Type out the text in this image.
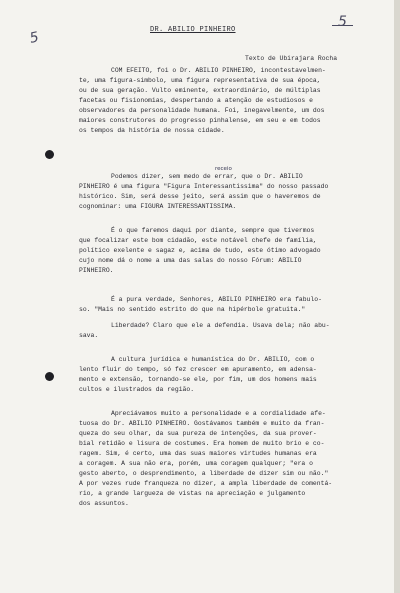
5
5
DR. ABILIO PINHEIRO
Texto de Ubirajara Rocha
receio
COM EFEITO, foi o Dr. ABILIO PINHEIRO, incontestavelmen-
te, uma figura-simbolo, uma figura representativa de sua época,
ou de sua geração. Vulto eminente, extraordinário, de múltiplas
facetas ou fisionomias, despertando a atenção de estudiosos e
observadores da personalidade humana. Foi, inegavelmente, um dos
maiores construtores do progresso pinhalense, em seu e em todos
os tempos da história de nossa cidade.
Podemos dizer, sem medo de errar, que o Dr. ABILIO
PINHEIRO é uma figura "Figura Interessantissima" do nosso passado
histórico. Sim, será desse jeito, será assim que o haveremos de
cognominar: uma FIGURA INTERESSANTISSIMA.
É o que faremos daqui por diante, sempre que tivermos
que focalizar este bom cidadão, este notável chefe de família,
político exelente e sagaz e, acima de tudo, este ótimo advogado
cujo nome dá o nome a uma das salas do nosso Fórum: ABILIO
PINHEIRO.
É a pura verdade, Senhores, ABILIO PINHEIRO era fabulo-
so. "Mais no sentido estrito do que na hipérbole gratuita."
Liberdade? Claro que ele a defendia. Usava dela; não abu-
sava.
A cultura jurídica e humanística do Dr. ABILIO, com o
lento fluir do tempo, só fez crescer em apuramento, em adensa-
mento e extensão, tornando-se ele, por fim, um dos homens mais
cultos e ilustrados da região.
Apreciávamos muito a personalidade e a cordialidade afe-
tuosa do Dr. ABILIO PINHEIRO. Gostávamos também e muito da fran-
queza do seu olhar, da sua pureza de intenções, da sua prover-
bial retidão e lisura de costumes. Era homem de muito brio e co-
ragem. Sim, é certo, uma das suas maiores virtudes humanas era
a coragem. A sua não era, porém, uma coragem qualquer; "era o
gesto aberto, o desprendimento, a liberdade de dizer sim ou não."
A por vezes rude franqueza no dizer, a ampla liberdade de comentá-
rio, a grande largueza de vistas na apreciação e julgamento
dos assuntos.
